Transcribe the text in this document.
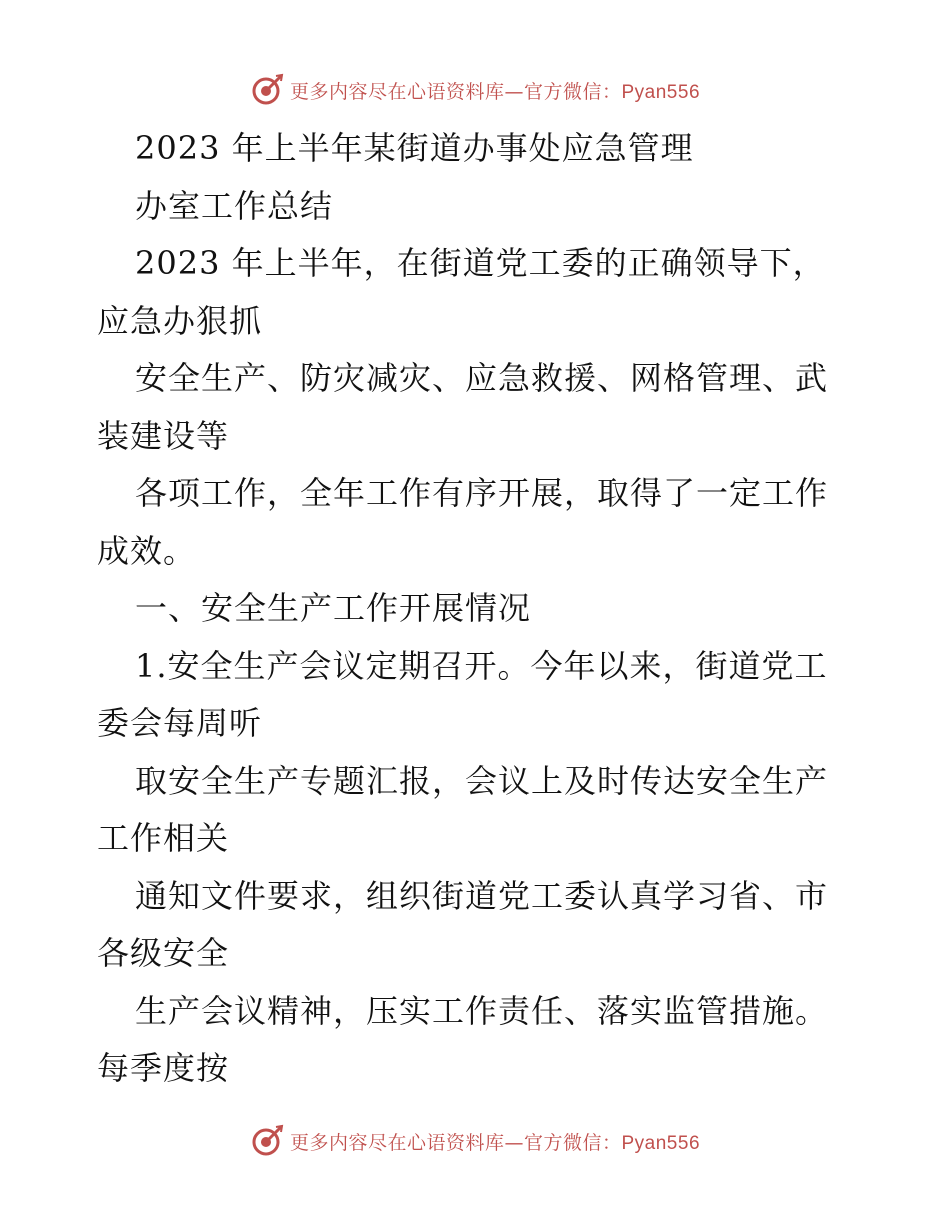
更多内容尽在心语资料库—官方微信：Pyan556
2023 年上半年某街道办事处应急管理
办室工作总结
2023 年上半年，在街道党工委的正确领导下，
应急办狠抓
安全生产、防灾减灾、应急救援、网格管理、武
装建设等
各项工作，全年工作有序开展，取得了一定工作
成效。
一、安全生产工作开展情况
1.安全生产会议定期召开。今年以来，街道党工
委会每周听
取安全生产专题汇报，会议上及时传达安全生产
工作相关
通知文件要求，组织街道党工委认真学习省、市
各级安全
生产会议精神，压实工作责任、落实监管措施。
每季度按
更多内容尽在心语资料库—官方微信：Pyan556
